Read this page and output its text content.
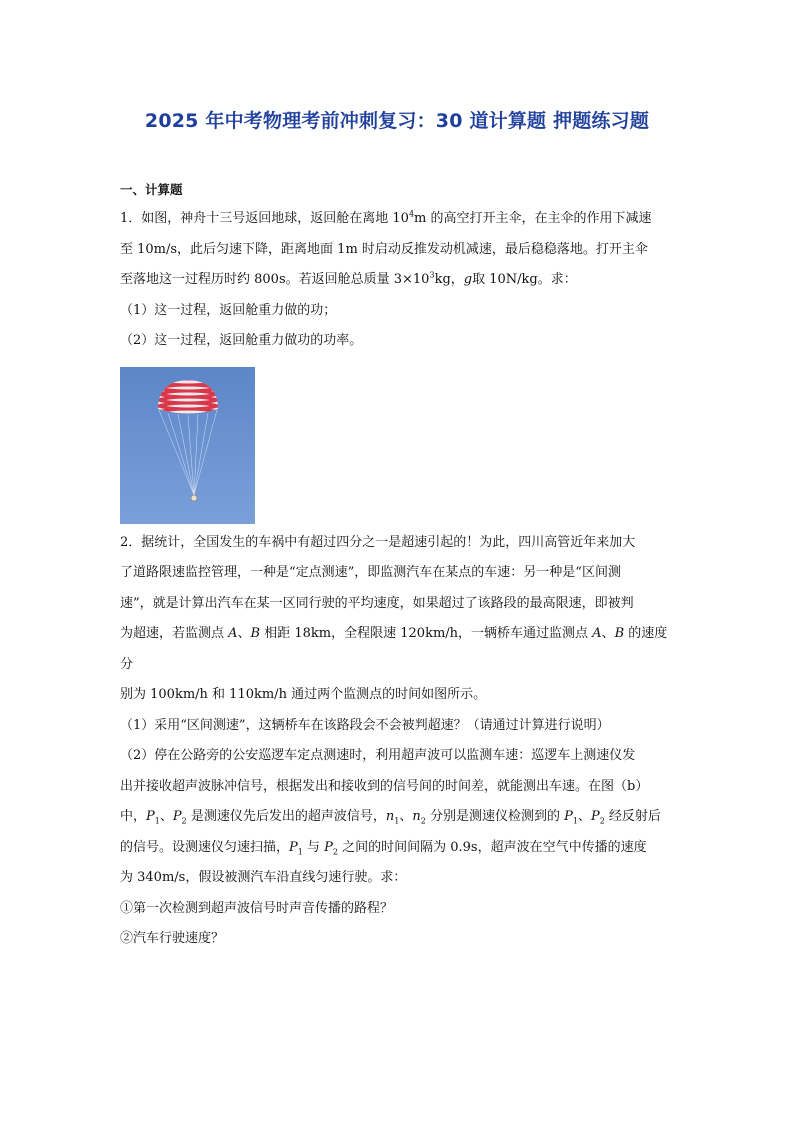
2025 年中考物理考前冲刺复习：30 道计算题 押题练习题
一、计算题

1．如图，神舟十三号返回地球，返回舱在离地 $10^4m$ 的高空打开主伞，在主伞的作用下减速

至 10m/s，此后匀速下降，距离地面 1m 时启动反推发动机减速，最后稳稳落地。打开主伞

至落地这一过程历时约 800s。若返回舱总质量 $3\times 10^3kg$，g取 10N/kg。求：

（1）这一过程，返回舱重力做的功；

（2）这一过程，返回舱重力做功的功率。

2．据统计，全国发生的车祸中有超过四分之一是超速引起的！为此，四川高管近年来加大

了道路限速监控管理，一种是“定点测速”，即监测汽车在某点的车速：另一种是“区间测

速”，就是计算出汽车在某一区同行驶的平均速度，如果超过了该路段的最高限速，即被判

为超速，若监测点 A、B 相距 18km，全程限速 120km/h，一辆桥车通过监测点 A、B 的速度分

别为 100km/h 和 110km/h 通过两个监测点的时间如图所示。

（1）采用“区间测速”，这辆桥车在该路段会不会被判超速？（请通过计算进行说明）

（2）停在公路旁的公安巡逻车定点测速时，利用超声波可以监测车速：巡逻车上测速仪发

出并接收超声波脉冲信号，根据发出和接收到的信号间的时间差，就能测出车速。在图（b）

中，$P_1$、$P_2$ 是测速仪先后发出的超声波信号，$n_1$、$n_2$ 分别是测速仪检测到的 $P_1$、$P_2$ 经反射后

的信号。设测速仪匀速扫描，$P_1$ 与 $P_2$ 之间的时间间隔为 0.9s，超声波在空气中传播的速度

为 340m/s，假设被测汽车沿直线匀速行驶。求：

①第一次检测到超声波信号时声音传播的路程？

②汽车行驶速度？
